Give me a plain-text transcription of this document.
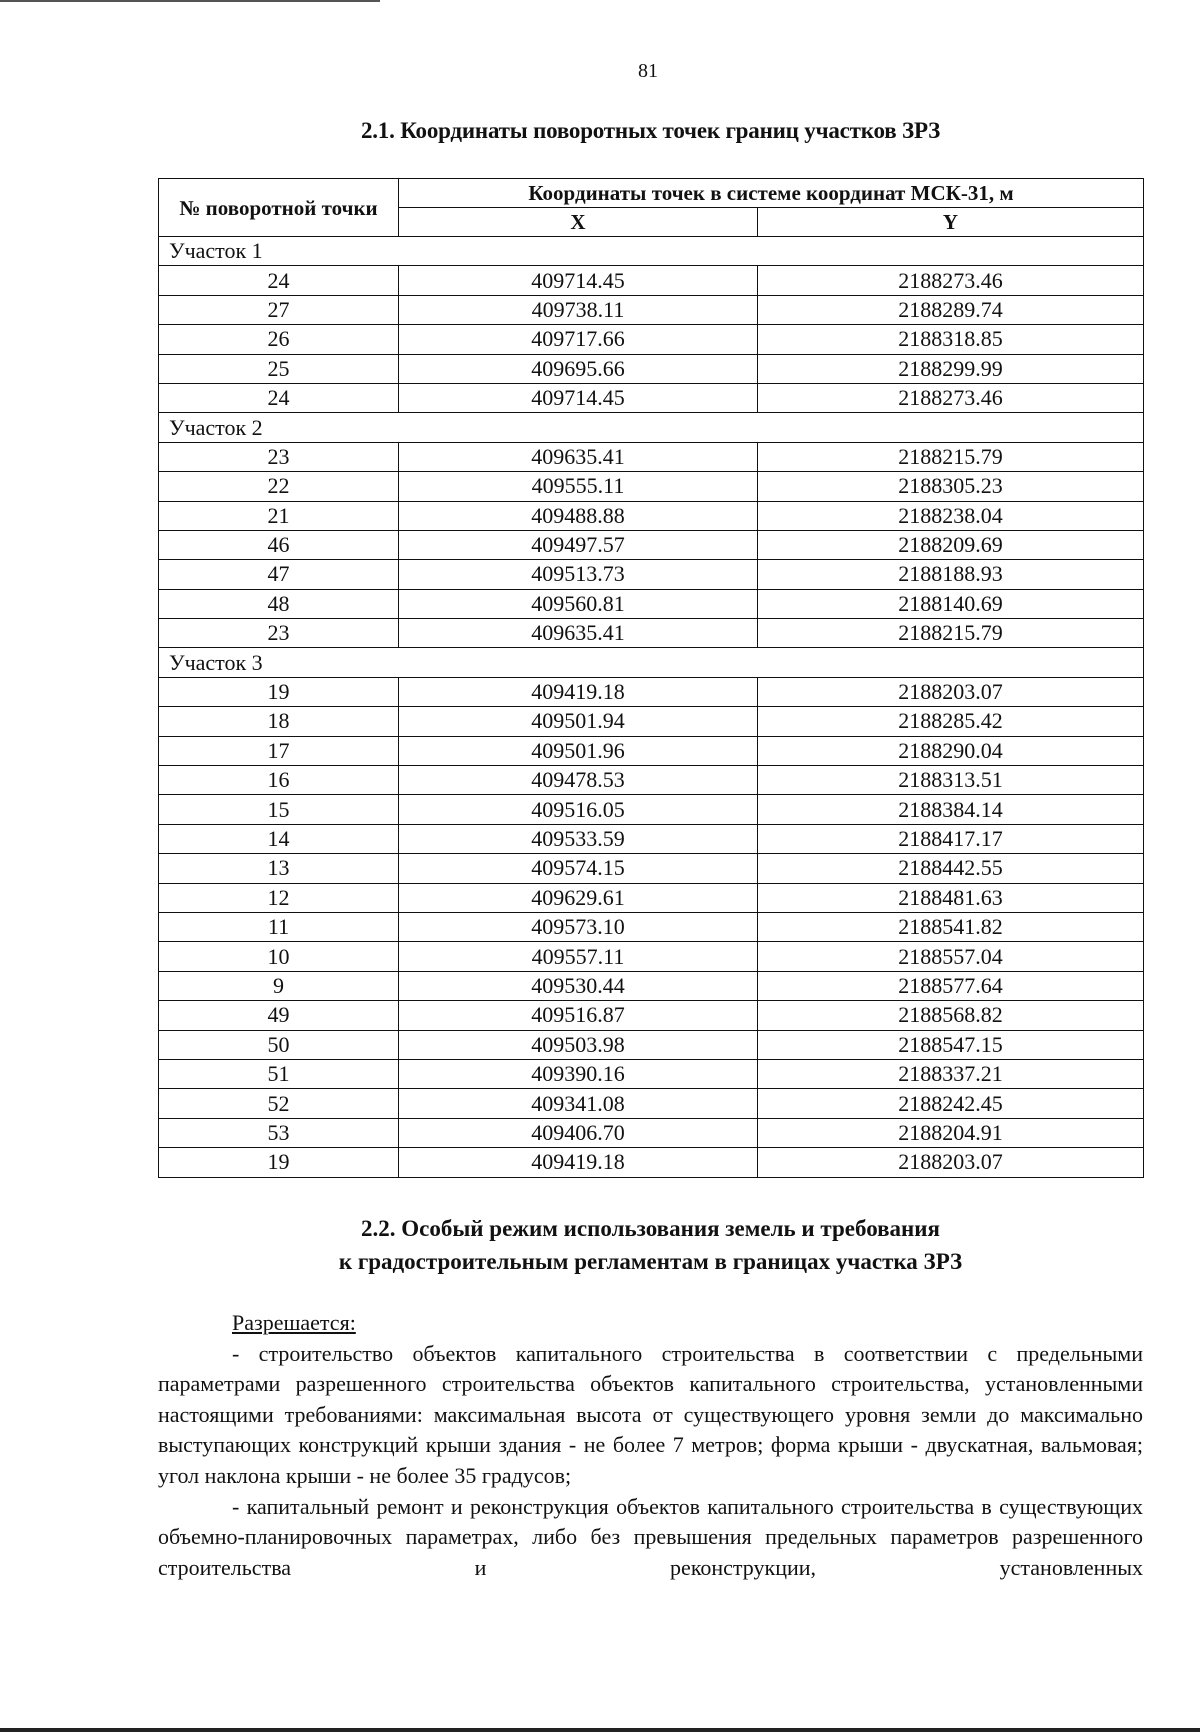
81
2.1. Координаты поворотных точек границ участков ЗРЗ
№ поворотной точки	Координаты точек в системе координат МСК-31, м	
	X	Y
Участок 1		
24	409714.45	2188273.46
27	409738.11	2188289.74
26	409717.66	2188318.85
25	409695.66	2188299.99
24	409714.45	2188273.46
Участок 2		
23	409635.41	2188215.79
22	409555.11	2188305.23
21	409488.88	2188238.04
46	409497.57	2188209.69
47	409513.73	2188188.93
48	409560.81	2188140.69
23	409635.41	2188215.79
Участок 3		
19	409419.18	2188203.07
18	409501.94	2188285.42
17	409501.96	2188290.04
16	409478.53	2188313.51
15	409516.05	2188384.14
14	409533.59	2188417.17
13	409574.15	2188442.55
12	409629.61	2188481.63
11	409573.10	2188541.82
10	409557.11	2188557.04
9	409530.44	2188577.64
49	409516.87	2188568.82
50	409503.98	2188547.15
51	409390.16	2188337.21
52	409341.08	2188242.45
53	409406.70	2188204.91
19	409419.18	2188203.07
2.2. Особый режим использования земель и требования
к градостроительным регламентам в границах участка ЗРЗ

Разрешается:

- строительство объектов капитального строительства в соответствии с предельными параметрами разрешенного строительства объектов капитального строительства, установленными настоящими требованиями: максимальная высота от существующего уровня земли до максимально выступающих конструкций крыши здания - не более 7 метров; форма крыши - двускатная, вальмовая; угол наклона крыши - не более 35 градусов;

- капитальный ремонт и реконструкция объектов капитального строительства в существующих объемно-планировочных параметрах, либо без превышения предельных параметров разрешенного строительства и реконструкции, установленных
